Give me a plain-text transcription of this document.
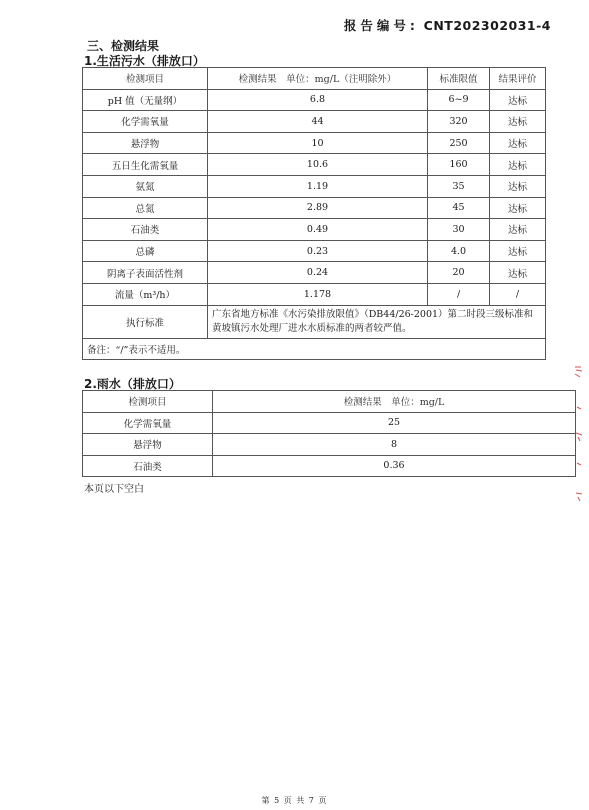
报告编号: CNT202302031-4
三、检测结果
1.生活污水（排放口）
检测项目	检测结果　单位：mg/L（注明除外）	标准限值	结果评价
pH 值（无量纲）	6.8	6~9	达标
化学需氧量	44	320	达标
悬浮物	10	250	达标
五日生化需氧量	10.6	160	达标
氨氮	1.19	35	达标
总氮	2.89	45	达标
石油类	0.49	30	达标
总磷	0.23	4.0	达标
阴离子表面活性剂	0.24	20	达标
流量（m³/h）	1.178	/	/
执行标准	广东省地方标准《水污染排放限值》（DB44/26-2001）第二时段三级标准和黄坡镇污水处理厂进水水质标准的两者较严值。		
备注：“/”表示不适用。			
2.雨水（排放口）
检测项目	检测结果　单位：mg/L
化学需氧量	25
悬浮物	8
石油类	0.36
本页以下空白
第 5 页 共 7 页
